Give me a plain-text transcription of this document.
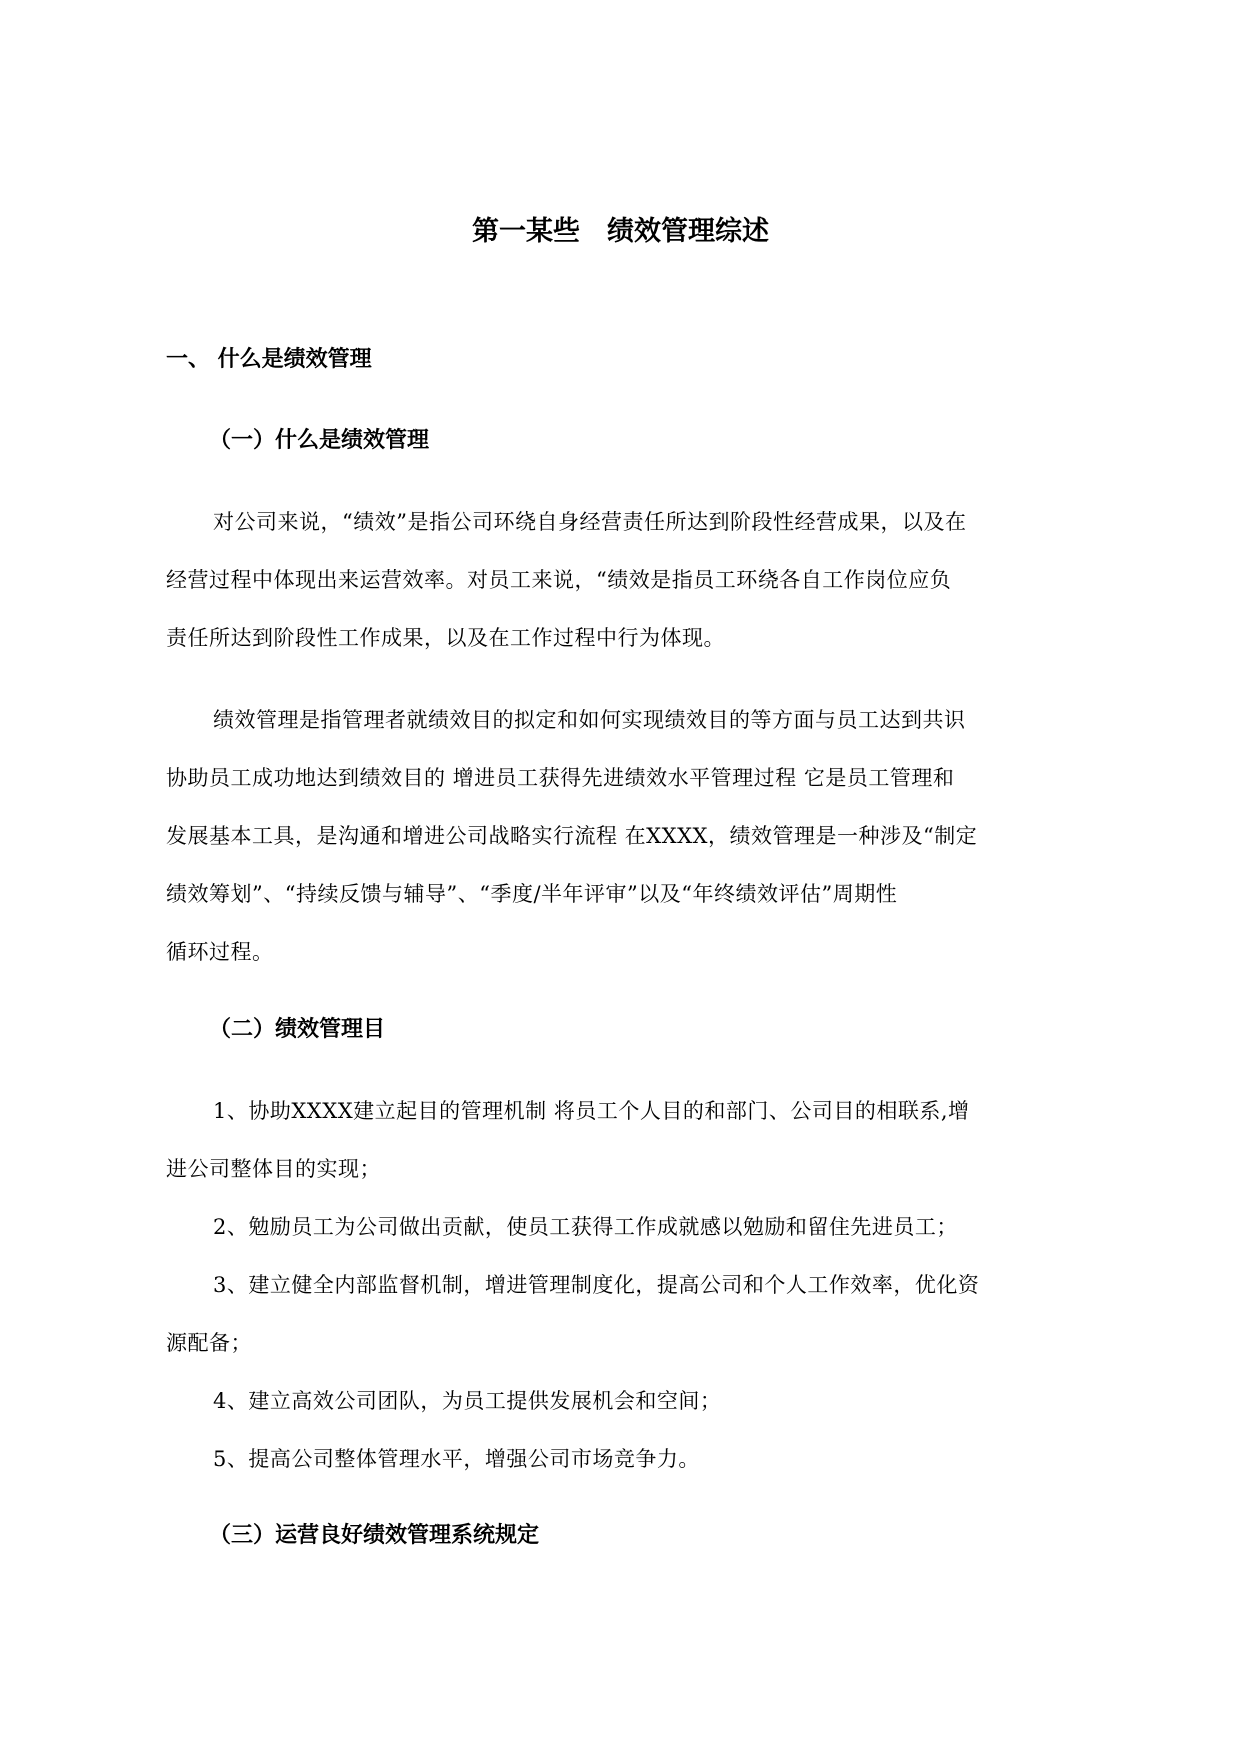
第一某些　绩效管理综述
一、 什么是绩效管理
（一）什么是绩效管理
对公司来说，“绩效”是指公司环绕自身经营责任所达到阶段性经营成果，以及在
经营过程中体现出来运营效率。对员工来说，“绩效是指员工环绕各自工作岗位应负
责任所达到阶段性工作成果，以及在工作过程中行为体现。
绩效管理是指管理者就绩效目的拟定和如何实现绩效目的等方面与员工达到共识
协助员工成功地达到绩效目的 增进员工获得先进绩效水平管理过程 它是员工管理和
发展基本工具，是沟通和增进公司战略实行流程 在XXXX，绩效管理是一种涉及“制定
绩效筹划”、“持续反馈与辅导”、“季度/半年评审”以及“年终绩效评估”周期性
循环过程。
（二）绩效管理目
1、协助XXXX建立起目的管理机制 将员工个人目的和部门、公司目的相联系,增
进公司整体目的实现；
2、勉励员工为公司做出贡献，使员工获得工作成就感以勉励和留住先进员工；
3、建立健全内部监督机制，增进管理制度化，提高公司和个人工作效率，优化资
源配备；
4、建立高效公司团队，为员工提供发展机会和空间；
5、提高公司整体管理水平，增强公司市场竞争力。
（三）运营良好绩效管理系统规定
